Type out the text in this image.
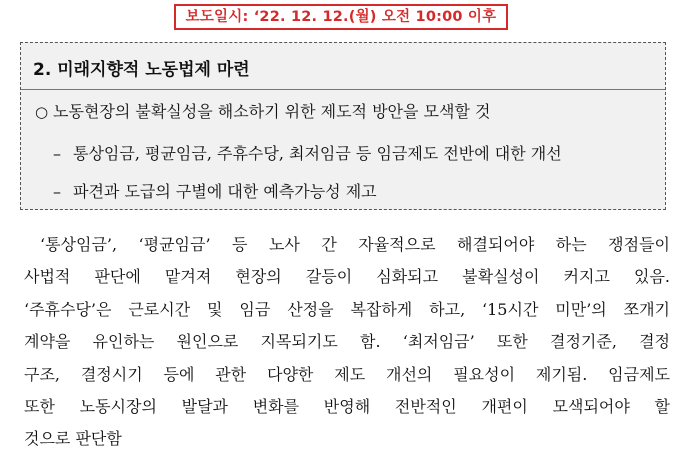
보도일시: ‘22. 12. 12.(월) 오전 10:00 이후
2. 미래지향적 노동법제 마련
○ 노동현장의 불확실성을 해소하기 위한 제도적 방안을 모색할 것
– 통상임금, 평균임금, 주휴수당, 최저임금 등 임금제도 전반에 대한 개선
– 파견과 도급의 구별에 대한 예측가능성 제고
‘통상임금’, ‘평균임금’ 등 노사 간 자율적으로 해결되어야 하는 쟁점들이
사법적 판단에 맡겨져 현장의 갈등이 심화되고 불확실성이 커지고 있음.
‘주휴수당’은 근로시간 및 임금 산정을 복잡하게 하고, ‘15시간 미만’의 쪼개기
계약을 유인하는 원인으로 지목되기도 함. ‘최저임금’ 또한 결정기준, 결정
구조, 결정시기 등에 관한 다양한 제도 개선의 필요성이 제기됨. 임금제도
또한 노동시장의 발달과 변화를 반영해 전반적인 개편이 모색되어야 할
것으로 판단함
